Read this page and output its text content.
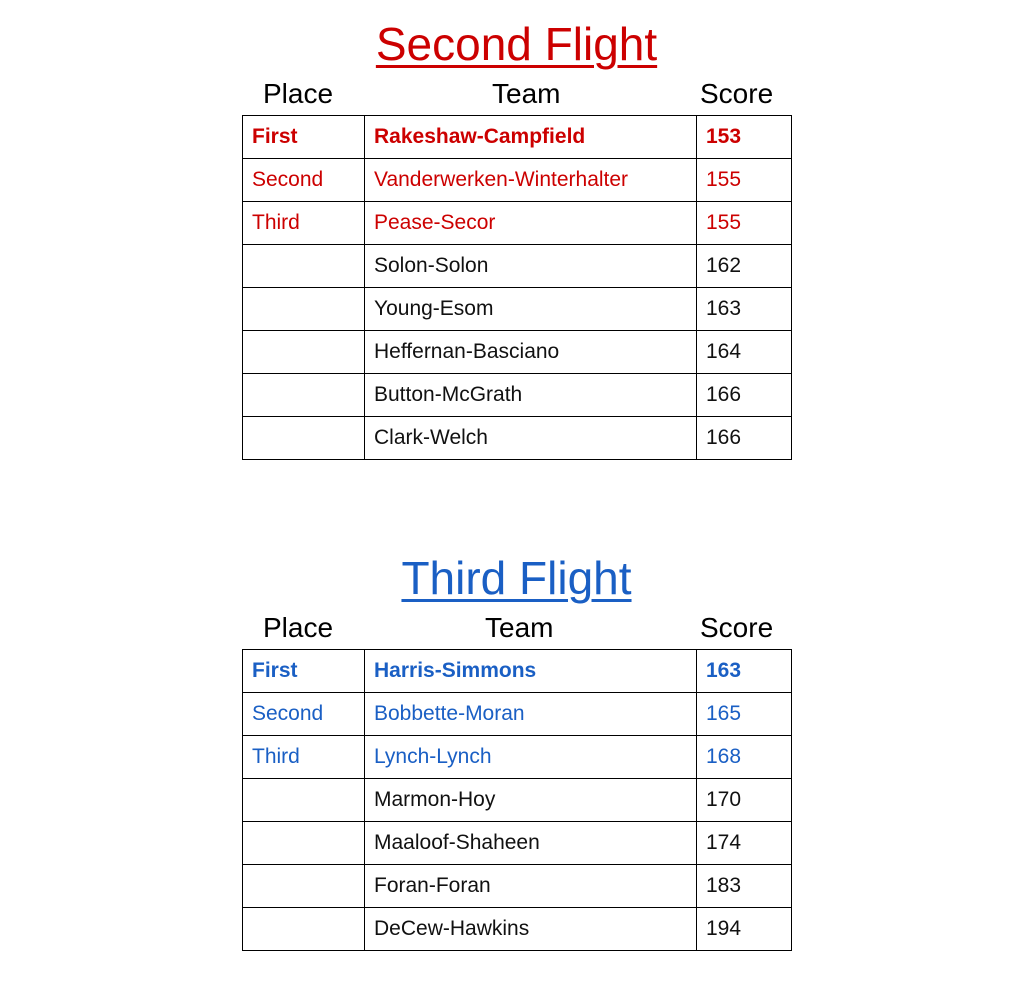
Second Flight
Place	Team	Score
First	Rakeshaw-Campfield	153
Second	Vanderwerken-Winterhalter	155
Third	Pease-Secor	155
	Solon-Solon	162
	Young-Esom	163
	Heffernan-Basciano	164
	Button-McGrath	166
	Clark-Welch	166
Third Flight
Place	Team	Score
First	Harris-Simmons	163
Second	Bobbette-Moran	165
Third	Lynch-Lynch	168
	Marmon-Hoy	170
	Maaloof-Shaheen	174
	Foran-Foran	183
	DeCew-Hawkins	194
